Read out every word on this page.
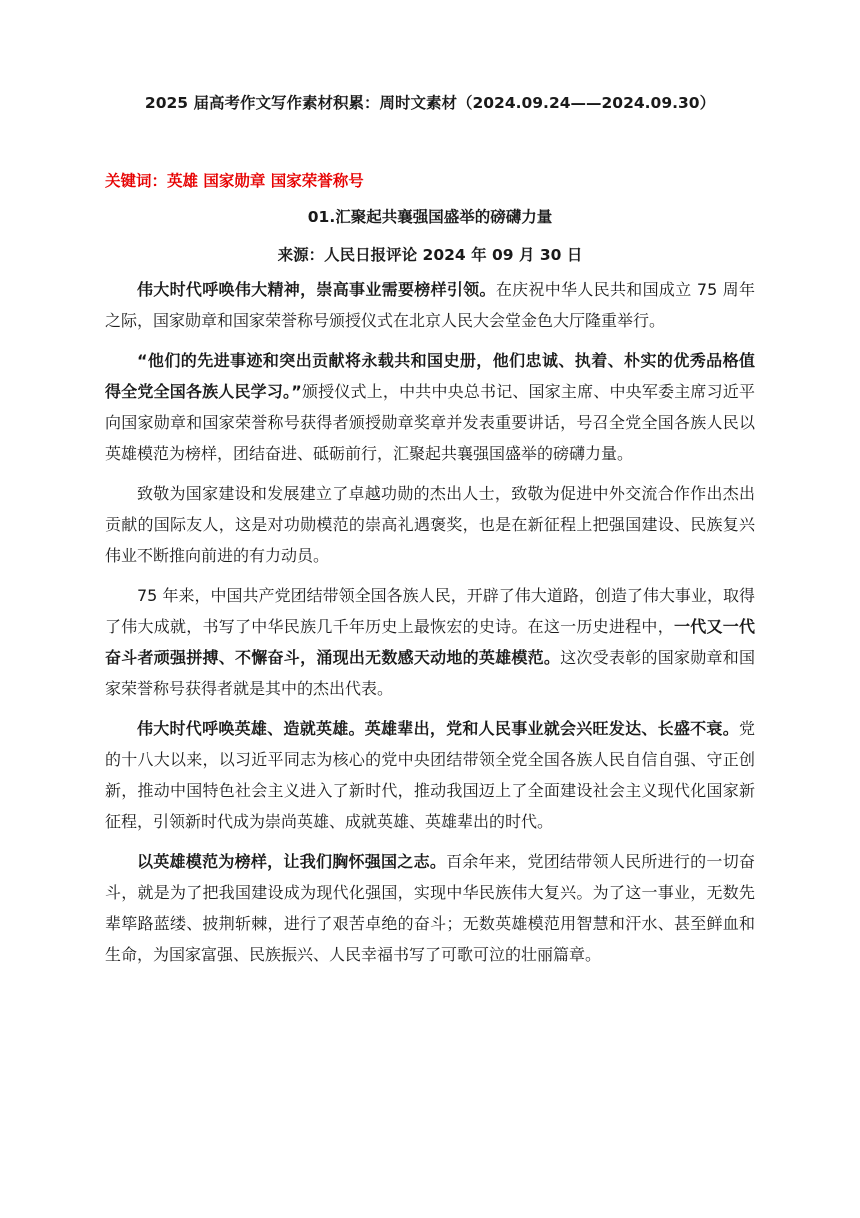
2025 届高考作文写作素材积累：周时文素材（2024.09.24——2024.09.30）

关键词：英雄 国家勋章 国家荣誉称号

01.汇聚起共襄强国盛举的磅礴力量

来源：人民日报评论 2024 年 09 月 30 日

伟大时代呼唤伟大精神，崇高事业需要榜样引领。在庆祝中华人民共和国成立 75 周年之际，国家勋章和国家荣誉称号颁授仪式在北京人民大会堂金色大厅隆重举行。

“他们的先进事迹和突出贡献将永载共和国史册，他们忠诚、执着、朴实的优秀品格值得全党全国各族人民学习。”颁授仪式上，中共中央总书记、国家主席、中央军委主席习近平向国家勋章和国家荣誉称号获得者颁授勋章奖章并发表重要讲话，号召全党全国各族人民以英雄模范为榜样，团结奋进、砥砺前行，汇聚起共襄强国盛举的磅礴力量。

致敬为国家建设和发展建立了卓越功勋的杰出人士，致敬为促进中外交流合作作出杰出贡献的国际友人，这是对功勋模范的崇高礼遇褒奖，也是在新征程上把强国建设、民族复兴伟业不断推向前进的有力动员。

75 年来，中国共产党团结带领全国各族人民，开辟了伟大道路，创造了伟大事业，取得了伟大成就，书写了中华民族几千年历史上最恢宏的史诗。在这一历史进程中，一代又一代奋斗者顽强拼搏、不懈奋斗，涌现出无数感天动地的英雄模范。这次受表彰的国家勋章和国家荣誉称号获得者就是其中的杰出代表。

伟大时代呼唤英雄、造就英雄。英雄辈出，党和人民事业就会兴旺发达、长盛不衰。党的十八大以来，以习近平同志为核心的党中央团结带领全党全国各族人民自信自强、守正创新，推动中国特色社会主义进入了新时代，推动我国迈上了全面建设社会主义现代化国家新征程，引领新时代成为崇尚英雄、成就英雄、英雄辈出的时代。

以英雄模范为榜样，让我们胸怀强国之志。百余年来，党团结带领人民所进行的一切奋斗，就是为了把我国建设成为现代化强国，实现中华民族伟大复兴。为了这一事业，无数先辈筚路蓝缕、披荆斩棘，进行了艰苦卓绝的奋斗；无数英雄模范用智慧和汗水、甚至鲜血和生命，为国家富强、民族振兴、人民幸福书写了可歌可泣的壮丽篇章。
